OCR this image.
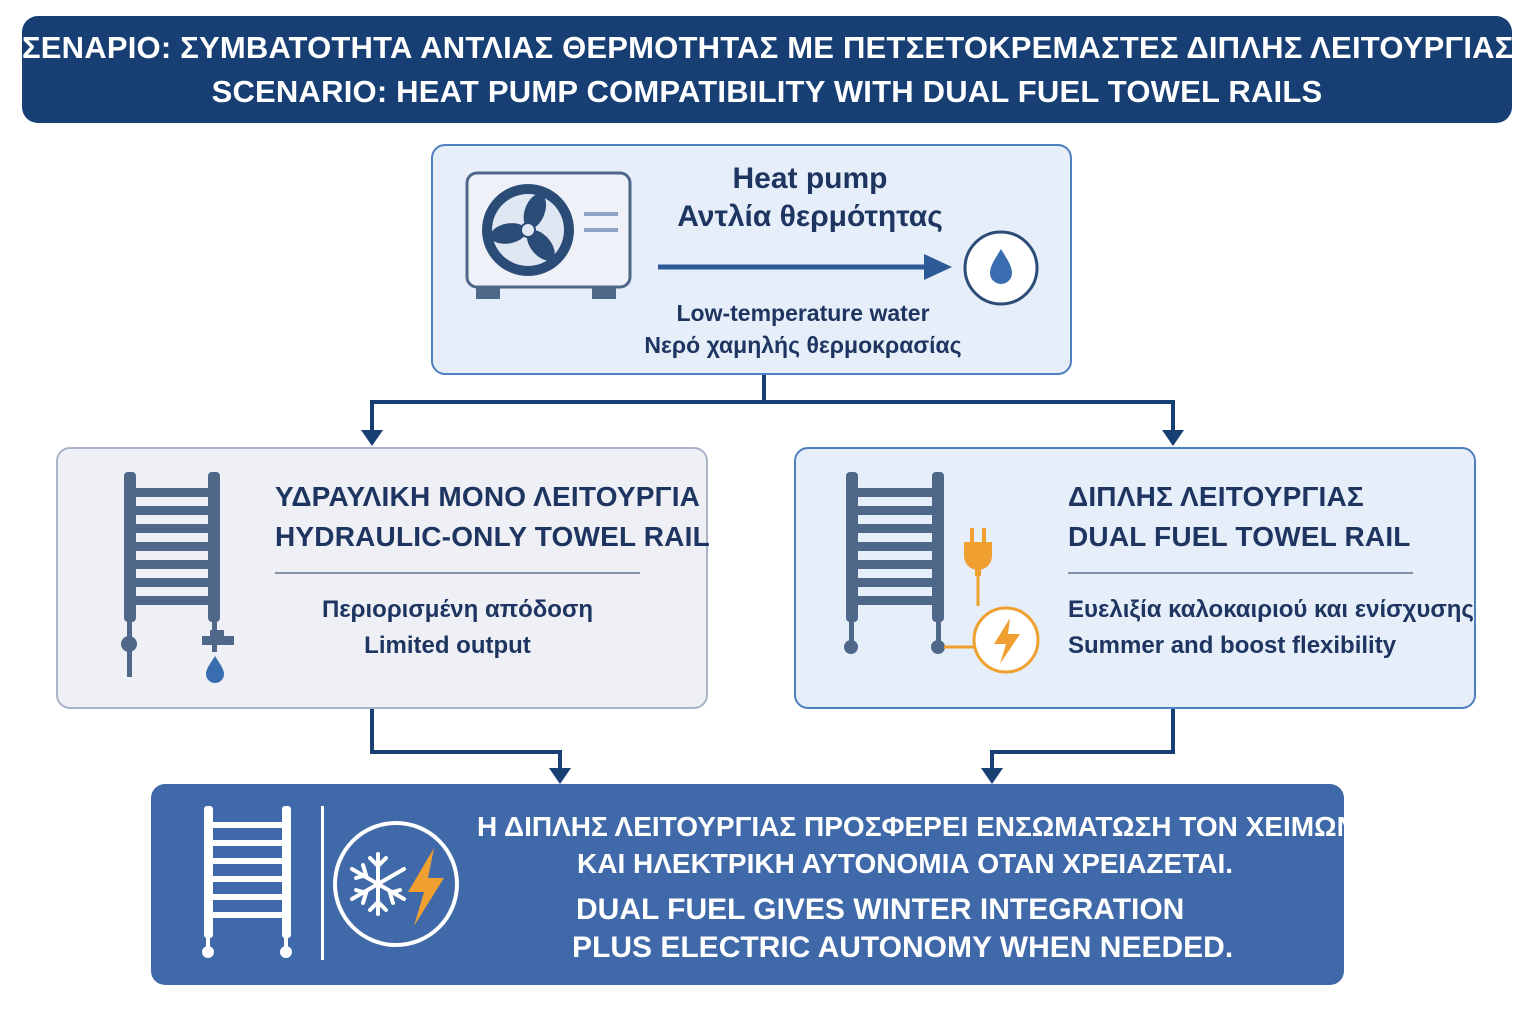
ΣΕΝΑΡΙΟ: ΣΥΜΒΑΤΟΤΗΤΑ ΑΝΤΛΙΑΣ ΘΕΡΜΟΤΗΤΑΣ ΜΕ ΠΕΤΣΕΤΟΚΡΕΜΑΣΤΕΣ ΔΙΠΛΗΣ ΛΕΙΤΟΥΡΓΙΑΣ
SCENARIO: HEAT PUMP COMPATIBILITY WITH DUAL FUEL TOWEL RAILS
Heat pump
Αντλία θερμότητας
Low-temperature water
Νερό χαμηλής θερμοκρασίας
ΥΔΡΑΥΛΙΚΗ ΜΟΝΟ ΛΕΙΤΟΥΡΓΙΑ
HYDRAULIC-ONLY TOWEL RAIL
Περιορισμένη απόδοση
Limited output
ΔΙΠΛΗΣ ΛΕΙΤΟΥΡΓΙΑΣ
DUAL FUEL TOWEL RAIL
Ευελιξία καλοκαιριού και ενίσχυσης
Summer and boost flexibility
Η ΔΙΠΛΗΣ ΛΕΙΤΟΥΡΓΙΑΣ ΠΡΟΣΦΕΡΕΙ ΕΝΣΩΜΑΤΩΣΗ ΤΟΝ ΧΕΙΜΩΝΑ
ΚΑΙ ΗΛΕΚΤΡΙΚΗ ΑΥΤΟΝΟΜΙΑ ΟΤΑΝ ΧΡΕΙΑΖΕΤΑΙ.
DUAL FUEL GIVES WINTER INTEGRATION
PLUS ELECTRIC AUTONOMY WHEN NEEDED.
